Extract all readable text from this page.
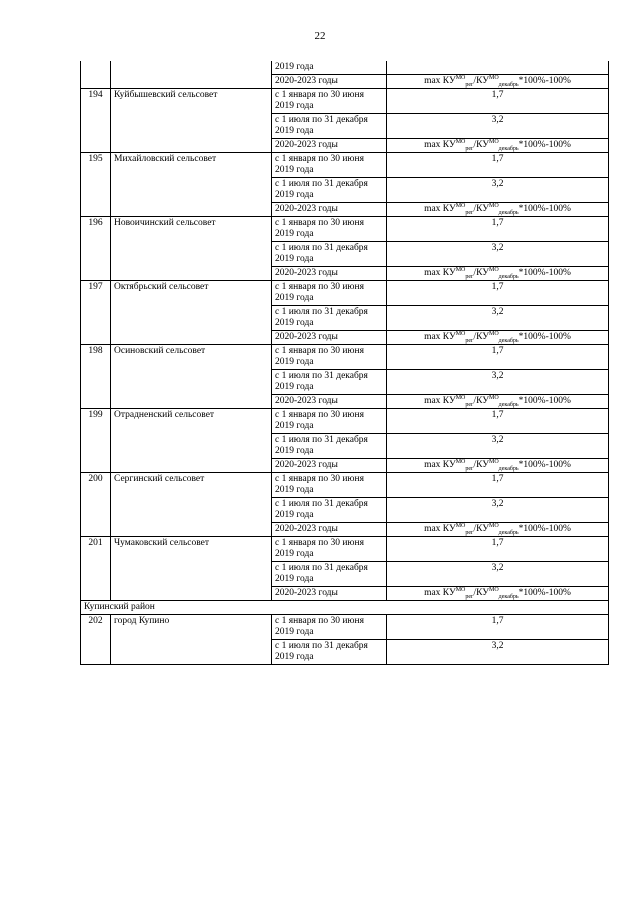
22
		2019 года	
		2020-2023 годы	$\max КУ^{МО}_{рег}/КУ^{МО}_{декабрь}*100\%-100\%$
194	Куйбышевский сельсовет	с 1 января по 30 июня 2019 года	1,7
		с 1 июля по 31 декабря 2019 года	3,2
		2020-2023 годы	$\max КУ^{МО}_{рег}/КУ^{МО}_{декабрь}*100\%-100\%$
195	Михайловский сельсовет	с 1 января по 30 июня 2019 года	1,7
		с 1 июля по 31 декабря 2019 года	3,2
		2020-2023 годы	$\max КУ^{МО}_{рег}/КУ^{МО}_{декабрь}*100\%-100\%$
196	Новоичинский сельсовет	с 1 января по 30 июня 2019 года	1,7
		с 1 июля по 31 декабря 2019 года	3,2
		2020-2023 годы	$\max КУ^{МО}_{рег}/КУ^{МО}_{декабрь}*100\%-100\%$
197	Октябрьский сельсовет	с 1 января по 30 июня 2019 года	1,7
		с 1 июля по 31 декабря 2019 года	3,2
		2020-2023 годы	$\max КУ^{МО}_{рег}/КУ^{МО}_{декабрь}*100\%-100\%$
198	Осиновский сельсовет	с 1 января по 30 июня 2019 года	1,7
		с 1 июля по 31 декабря 2019 года	3,2
		2020-2023 годы	$\max КУ^{МО}_{рег}/КУ^{МО}_{декабрь}*100\%-100\%$
199	Отрадненский сельсовет	с 1 января по 30 июня 2019 года	1,7
		с 1 июля по 31 декабря 2019 года	3,2
		2020-2023 годы	$\max КУ^{МО}_{рег}/КУ^{МО}_{декабрь}*100\%-100\%$
200	Сергинский сельсовет	с 1 января по 30 июня 2019 года	1,7
		с 1 июля по 31 декабря 2019 года	3,2
		2020-2023 годы	$\max КУ^{МО}_{рег}/КУ^{МО}_{декабрь}*100\%-100\%$
201	Чумаковский сельсовет	с 1 января по 30 июня 2019 года	1,7
		с 1 июля по 31 декабря 2019 года	3,2
		2020-2023 годы	$\max КУ^{МО}_{рег}/КУ^{МО}_{декабрь}*100\%-100\%$
Купинский район			
202	город Купино	с 1 января по 30 июня 2019 года	1,7
		с 1 июля по 31 декабря 2019 года	3,2
